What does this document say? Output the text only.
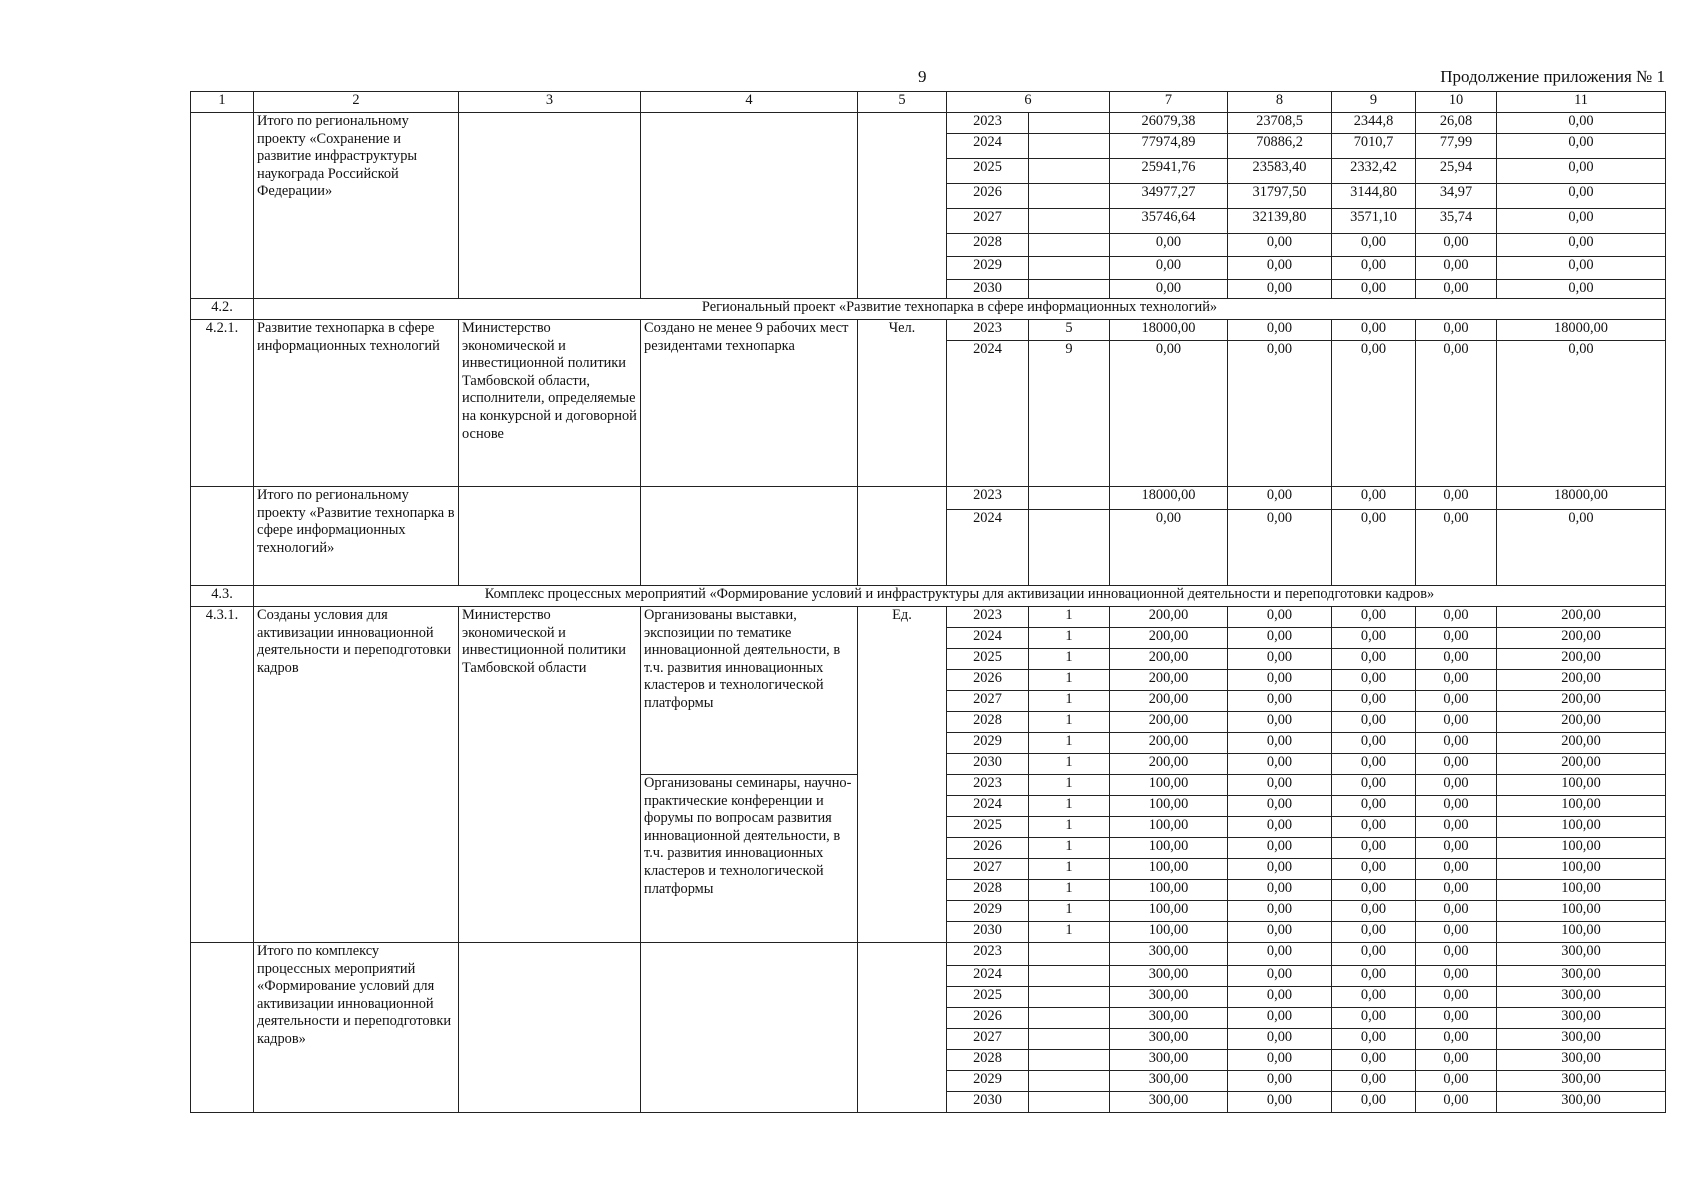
9	Продолжение приложения № 1
1	2	3	4	5	6		7	8	9	10	11
	Итого по региональному проекту «Сохранение и развитие инфраструктуры наукограда Российской Федерации»				2023		26079,38	23708,5	2344,8	26,08	0,00
					2024		77974,89	70886,2	7010,7	77,99	0,00
					2025		25941,76	23583,40	2332,42	25,94	0,00
					2026		34977,27	31797,50	3144,80	34,97	0,00
					2027		35746,64	32139,80	3571,10	35,74	0,00
					2028		0,00	0,00	0,00	0,00	0,00
					2029		0,00	0,00	0,00	0,00	0,00
					2030		0,00	0,00	0,00	0,00	0,00
4.2.	Региональный проект «Развитие технопарка в сфере информационных технологий»										
4.2.1.	Развитие технопарка в сфере информационных технологий	Министерство экономической и инвестиционной политики Тамбовской области, исполнители, определяемые на конкурсной и договорной основе	Создано не менее 9 рабочих мест резидентами технопарка	Чел.	2023	5	18000,00	0,00	0,00	0,00	18000,00
					2024	9	0,00	0,00	0,00	0,00	0,00
	Итого по региональному проекту «Развитие технопарка в сфере информационных технологий»				2023		18000,00	0,00	0,00	0,00	18000,00
					2024		0,00	0,00	0,00	0,00	0,00
4.3.	Комплекс процессных мероприятий «Формирование условий и инфраструктуры для активизации инновационной деятельности и переподготовки кадров»										
4.3.1.	Созданы условия для активизации инновационной деятельности и переподготовки кадров	Министерство экономической и инвестиционной политики Тамбовской области	Организованы выставки, экспозиции по тематике инновационной деятельности, в т.ч. развития инновационных кластеров и технологической платформы	Ед.	2023	1	200,00	0,00	0,00	0,00	200,00
					2024	1	200,00	0,00	0,00	0,00	200,00
					2025	1	200,00	0,00	0,00	0,00	200,00
					2026	1	200,00	0,00	0,00	0,00	200,00
					2027	1	200,00	0,00	0,00	0,00	200,00
					2028	1	200,00	0,00	0,00	0,00	200,00
					2029	1	200,00	0,00	0,00	0,00	200,00
					2030	1	200,00	0,00	0,00	0,00	200,00
			Организованы семинары, научно-практические конференции и форумы по вопросам развития инновационной деятельности, в т.ч. развития инновационных кластеров и технологической платформы		2023	1	100,00	0,00	0,00	0,00	100,00
					2024	1	100,00	0,00	0,00	0,00	100,00
					2025	1	100,00	0,00	0,00	0,00	100,00
					2026	1	100,00	0,00	0,00	0,00	100,00
					2027	1	100,00	0,00	0,00	0,00	100,00
					2028	1	100,00	0,00	0,00	0,00	100,00
					2029	1	100,00	0,00	0,00	0,00	100,00
					2030	1	100,00	0,00	0,00	0,00	100,00
	Итого по комплексу процессных мероприятий «Формирование условий для активизации инновационной деятельности и переподготовки кадров»				2023		300,00	0,00	0,00	0,00	300,00
					2024		300,00	0,00	0,00	0,00	300,00
					2025		300,00	0,00	0,00	0,00	300,00
					2026		300,00	0,00	0,00	0,00	300,00
					2027		300,00	0,00	0,00	0,00	300,00
					2028		300,00	0,00	0,00	0,00	300,00
					2029		300,00	0,00	0,00	0,00	300,00
					2030		300,00	0,00	0,00	0,00	300,00
